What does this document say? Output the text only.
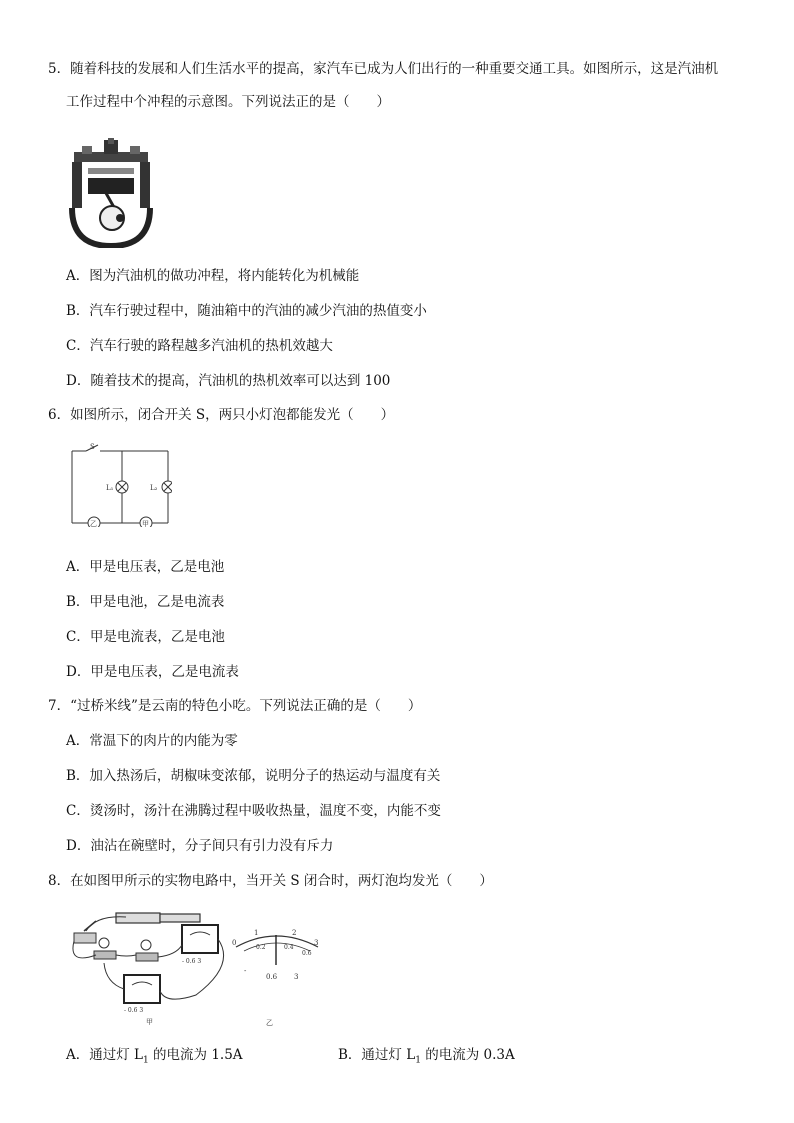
5．随着科技的发展和人们生活水平的提高，家汽车已成为人们出行的一种重要交通工具。如图所示，这是汽油机
工作过程中个冲程的示意图。下列说法正的是（　　）
A．图为汽油机的做功冲程，将内能转化为机械能
B．汽车行驶过程中，随油箱中的汽油的减少汽油的热值变小
C．汽车行驶的路程越多汽油机的热机效越大
D．随着技术的提高，汽油机的热机效率可以达到 100
6．如图所示，闭合开关 S，两只小灯泡都能发光（　　）
S
L₁	L₂
乙	甲
A．甲是电压表，乙是电池
B．甲是电池，乙是电流表
C．甲是电流表，乙是电池
D．甲是电压表，乙是电流表
7．“过桥米线”是云南的特色小吃。下列说法正确的是（　　）
A．常温下的肉片的内能为零
B．加入热汤后，胡椒味变浓郁，说明分子的热运动与温度有关
C．烫汤时，汤汁在沸腾过程中吸收热量，温度不变，内能不变
D．油沾在碗壁时，分子间只有引力没有斥力
8．在如图甲所示的实物电路中，当开关 S 闭合时，两灯泡均发光（　　）
- 0.6 3
- 0.6 3
甲
0
1	2
3
0.2	0.4
0.6
-
0.6 3
乙
A．通过灯 $L_1$ 的电流为 1.5A	B．通过灯 $L_1$ 的电流为 0.3A
